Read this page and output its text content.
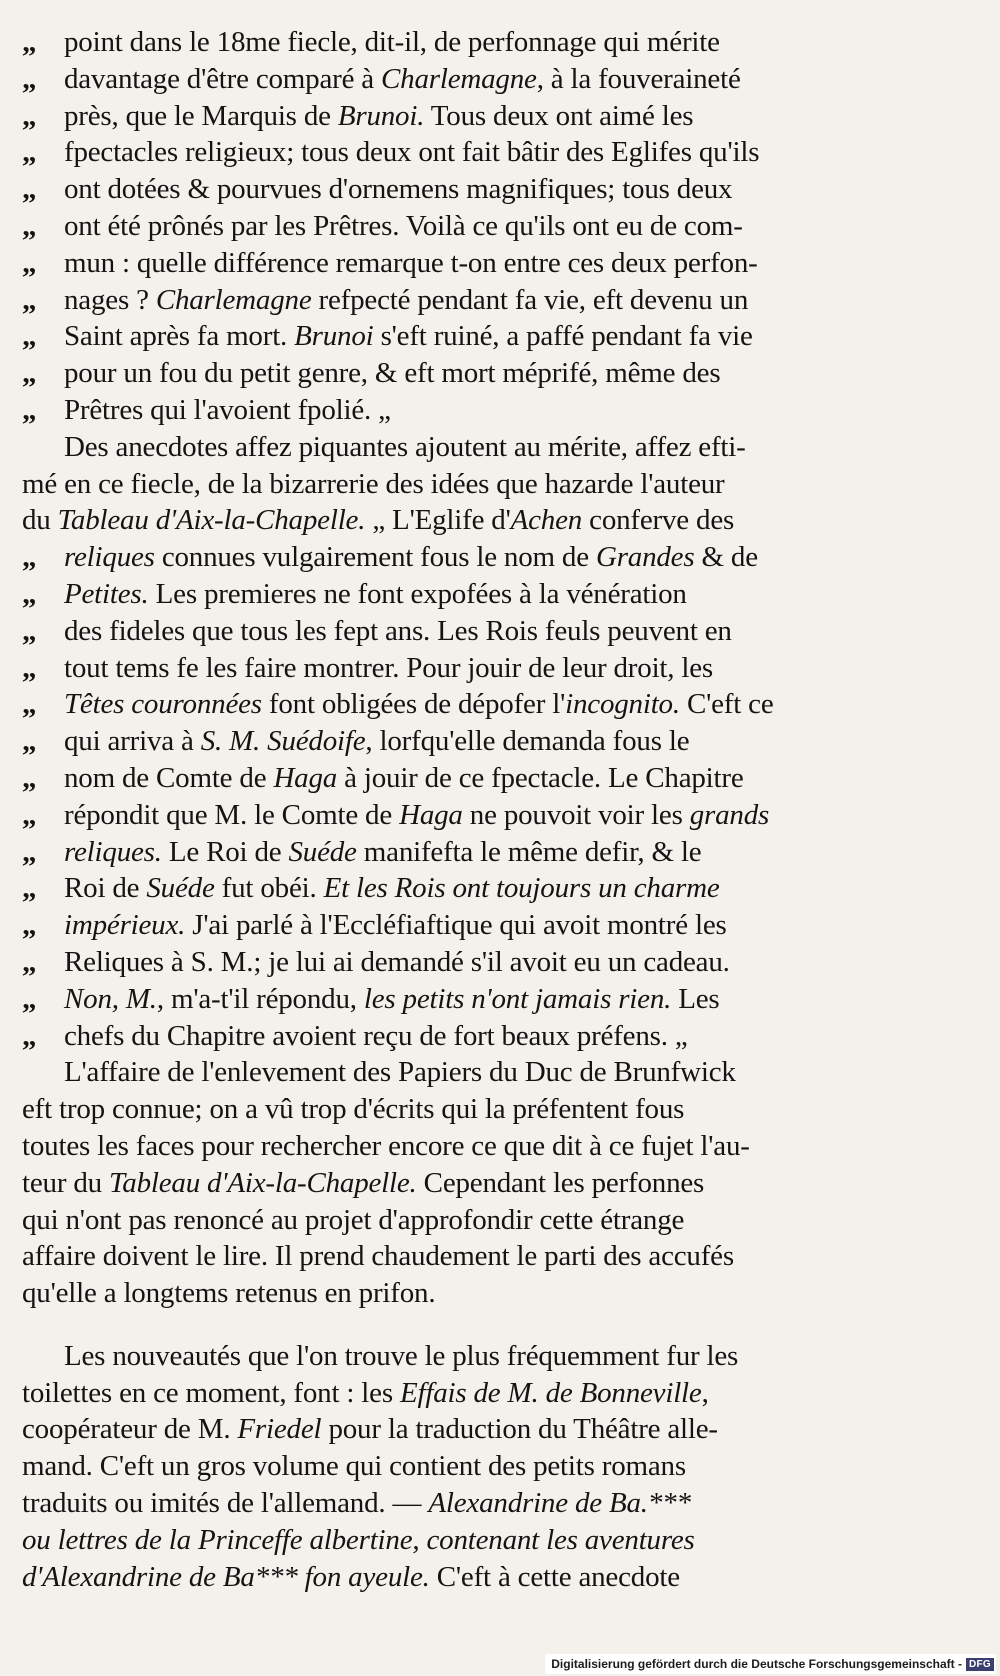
„ point dans le 18me fiecle, dit-il, de perfonnage qui mérite
„ davantage d'être comparé à Charlemagne, à la fouveraineté
„ près, que le Marquis de Brunoi. Tous deux ont aimé les
„ fpectacles religieux; tous deux ont fait bâtir des Eglifes qu'ils
„ ont dotées & pourvues d'ornemens magnifiques; tous deux
„ ont été prônés par les Prêtres. Voilà ce qu'ils ont eu de com-
„ mun : quelle différence remarque t-on entre ces deux perfon-
„ nages ? Charlemagne refpecté pendant fa vie, eft devenu un
„ Saint après fa mort. Brunoi s'eft ruiné, a paffé pendant fa vie
„ pour un fou du petit genre, & eft mort méprifé, même des
„ Prêtres qui l'avoient fpolié. „
Des anecdotes affez piquantes ajoutent au mérite, affez efti-
mé en ce fiecle, de la bizarrerie des idées que hazarde l'auteur
du Tableau d'Aix-la-Chapelle. „ L'Eglife d'Achen conferve des
„ reliques connues vulgairement fous le nom de Grandes & de
„ Petites. Les premieres ne font expofées à la vénération
„ des fideles que tous les fept ans. Les Rois feuls peuvent en
„ tout tems fe les faire montrer. Pour jouir de leur droit, les
„ Têtes couronnées font obligées de dépofer l'incognito. C'eft ce
„ qui arriva à S. M. Suédoife, lorfqu'elle demanda fous le
„ nom de Comte de Haga à jouir de ce fpectacle. Le Chapitre
„ répondit que M. le Comte de Haga ne pouvoit voir les grands
„ reliques. Le Roi de Suéde manifefta le même defir, & le
„ Roi de Suéde fut obéi. Et les Rois ont toujours un charme
„ impérieux. J'ai parlé à l'Eccléfiaftique qui avoit montré les
„ Reliques à S. M.; je lui ai demandé s'il avoit eu un cadeau.
„ Non, M., m'a-t'il répondu, les petits n'ont jamais rien. Les
„ chefs du Chapitre avoient reçu de fort beaux préfens. „
L'affaire de l'enlevement des Papiers du Duc de Brunfwick
eft trop connue; on a vû trop d'écrits qui la préfentent fous
toutes les faces pour rechercher encore ce que dit à ce fujet l'au-
teur du Tableau d'Aix-la-Chapelle. Cependant les perfonnes
qui n'ont pas renoncé au projet d'approfondir cette étrange
affaire doivent le lire. Il prend chaudement le parti des accufés
qu'elle a longtems retenus en prifon.
Les nouveautés que l'on trouve le plus fréquemment fur les
toilettes en ce moment, font : les Effais de M. de Bonneville,
coopérateur de M. Friedel pour la traduction du Théâtre alle-
mand. C'eft un gros volume qui contient des petits romans
traduits ou imités de l'allemand. — Alexandrine de Ba.***
ou lettres de la Princeffe albertine, contenant les aventures
d'Alexandrine de Ba*** fon ayeule. C'eft à cette anecdote
Digitalisierung gefördert durch die Deutsche Forschungsgemeinschaft - DFG
